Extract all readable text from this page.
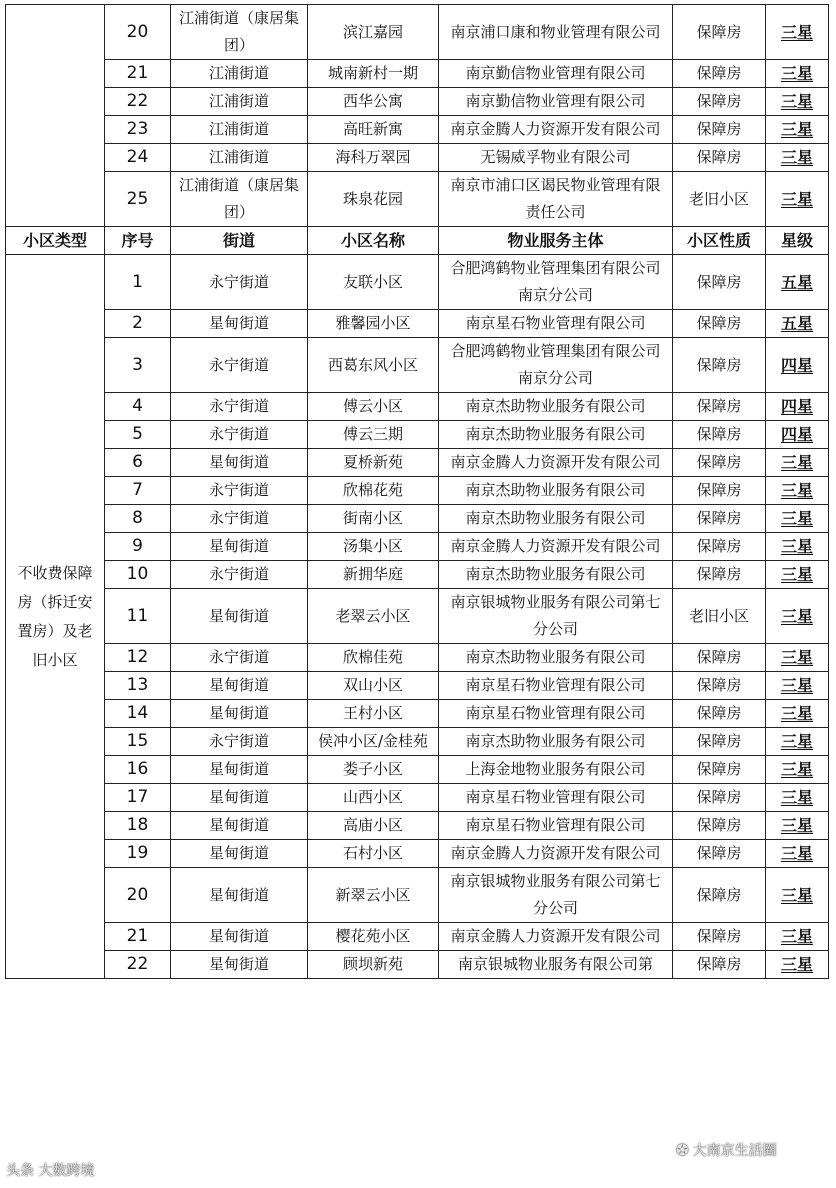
	20	江浦街道（康居集团）	滨江嘉园	南京浦口康和物业管理有限公司	保障房	三星
	21	江浦街道	城南新村一期	南京勤信物业管理有限公司	保障房	三星
	22	江浦街道	西华公寓	南京勤信物业管理有限公司	保障房	三星
	23	江浦街道	高旺新寓	南京金腾人力资源开发有限公司	保障房	三星
	24	江浦街道	海科万翠园	无锡威孚物业有限公司	保障房	三星
	25	江浦街道（康居集团）	珠泉花园	南京市浦口区谒民物业管理有限责任公司	老旧小区	三星
小区类型	序号	街道	小区名称	物业服务主体	小区性质	星级
不收费保障房（拆迁安置房）及老旧小区	1	永宁街道	友联小区	合肥鸿鹤物业管理集团有限公司南京分公司	保障房	五星
	2	星甸街道	雅馨园小区	南京星石物业管理有限公司	保障房	五星
	3	永宁街道	西葛东风小区	合肥鸿鹤物业管理集团有限公司南京分公司	保障房	四星
	4	永宁街道	傅云小区	南京杰助物业服务有限公司	保障房	四星
	5	永宁街道	傅云三期	南京杰助物业服务有限公司	保障房	四星
	6	星甸街道	夏桥新苑	南京金腾人力资源开发有限公司	保障房	三星
	7	永宁街道	欣棉花苑	南京杰助物业服务有限公司	保障房	三星
	8	永宁街道	街南小区	南京杰助物业服务有限公司	保障房	三星
	9	星甸街道	汤集小区	南京金腾人力资源开发有限公司	保障房	三星
	10	永宁街道	新拥华庭	南京杰助物业服务有限公司	保障房	三星
	11	星甸街道	老翠云小区	南京银城物业服务有限公司第七分公司	老旧小区	三星
	12	永宁街道	欣棉佳苑	南京杰助物业服务有限公司	保障房	三星
	13	星甸街道	双山小区	南京星石物业管理有限公司	保障房	三星
	14	星甸街道	王村小区	南京星石物业管理有限公司	保障房	三星
	15	永宁街道	侯冲小区/金桂苑	南京杰助物业服务有限公司	保障房	三星
	16	星甸街道	娄子小区	上海金地物业服务有限公司	保障房	三星
	17	星甸街道	山西小区	南京星石物业管理有限公司	保障房	三星
	18	星甸街道	高庙小区	南京星石物业管理有限公司	保障房	三星
	19	星甸街道	石村小区	南京金腾人力资源开发有限公司	保障房	三星
	20	星甸街道	新翠云小区	南京银城物业服务有限公司第七分公司	保障房	三星
	21	星甸街道	樱花苑小区	南京金腾人力资源开发有限公司	保障房	三星
	22	星甸街道	顾坝新苑	南京银城物业服务有限公司第	保障房	三星
头条 大数跨境
✪ 大南京生活圈
